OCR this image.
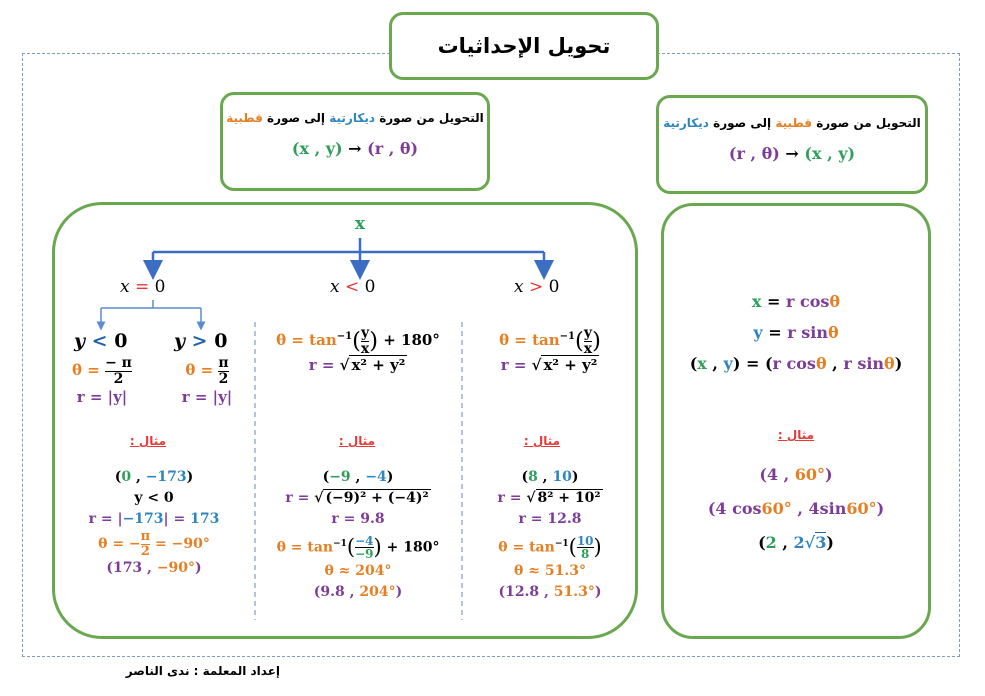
تحويل الإحداثيات
التحويل من صورة قطبية إلى صورة ديكارتية
(r , θ) → (x , y)
التحويل من صورة ديكارتية إلى صورة قطبية
(x , y) → (r , θ)
x = r cosθ
y = r sinθ
(x , y) = (r cosθ , r sinθ)
مثال :
(4 , 60°)
(4 cos60° , 4sin60°)
(2 , 2√3)
x
x = 0	x < 0	x > 0
y < 0 y > 0
$\theta = \frac{- \pi}{2}$
r = |y|
$\theta = \frac{\pi}{2}$
r = |y|
$\theta = \tan^{-1}( \frac{y}{x}$ ) + 180°
r = √ x² + y²
$\theta = \tan^{-1}( \frac{y}{x}$ )
r = √ x² + y²
مثال :	مثال :	مثال :
(0 , −173)
y < 0
r = |−173| = 173
θ = − $\frac{\pi}{2} = -90^\circ$
(173 , −90°)
(−9 , −4)
r = √ (−9)² + (−4)²
r = 9.8
$\theta = \tan^{-1}( \frac{-4}{-9}$ ) + 180°
θ ≈ 204°
(9.8 , 204°)
(8 , 10)
r = √ 8² + 10²
r = 12.8
$\theta = \tan^{-1}( \frac{10}{8}$ )
θ ≈ 51.3°
(12.8 , 51.3°)
إعداد المعلمة : ندى الناصر
